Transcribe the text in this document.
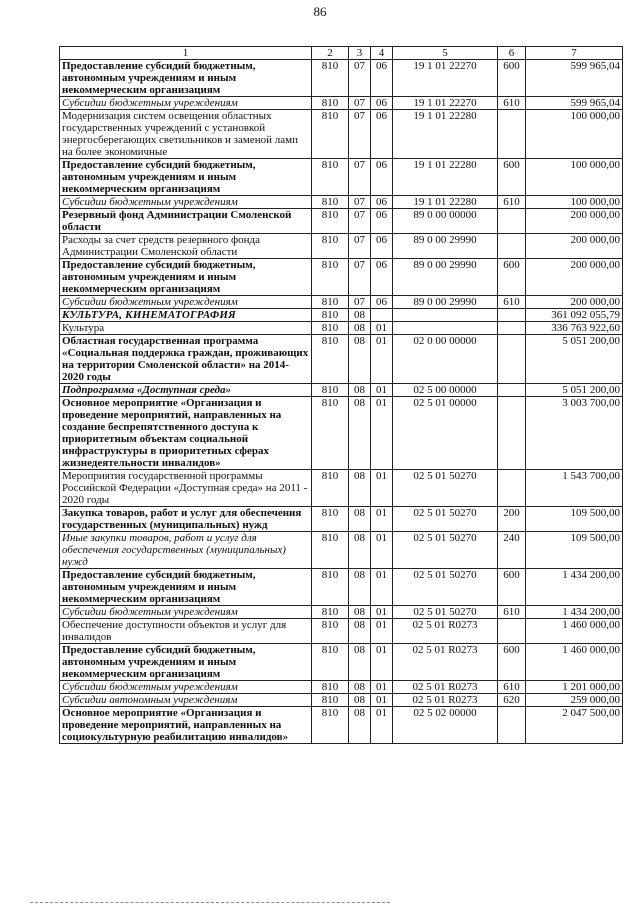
86
1	2	3	4	5	6	7
Предоставление субсидий бюджетным, автономным учреждениям и иным некоммерческим организациям	810	07	06	19 1 01 22270	600	599 965,04
Субсидии бюджетным учреждениям	810	07	06	19 1 01 22270	610	599 965,04
Модернизация систем освещения областных государственных учреждений с установкой энергосберегающих светильников и заменой ламп на более экономичные	810	07	06	19 1 01 22280		100 000,00
Предоставление субсидий бюджетным, автономным учреждениям и иным некоммерческим организациям	810	07	06	19 1 01 22280	600	100 000,00
Субсидии бюджетным учреждениям	810	07	06	19 1 01 22280	610	100 000,00
Резервный фонд Администрации Смоленской области	810	07	06	89 0 00 00000		200 000,00
Расходы за счет средств резервного фонда Администрации Смоленской области	810	07	06	89 0 00 29990		200 000,00
Предоставление субсидий бюджетным, автономным учреждениям и иным некоммерческим организациям	810	07	06	89 0 00 29990	600	200 000,00
Субсидии бюджетным учреждениям	810	07	06	89 0 00 29990	610	200 000,00
КУЛЬТУРА, КИНЕМАТОГРАФИЯ	810	08				361 092 055,79
Культура	810	08	01			336 763 922,60
Областная государственная программа «Социальная поддержка граждан, проживающих на территории Смоленской области» на 2014-2020 годы	810	08	01	02 0 00 00000		5 051 200,00
Подпрограмма «Доступная среда»	810	08	01	02 5 00 00000		5 051 200,00
Основное мероприятие «Организация и проведение мероприятий, направленных на создание беспрепятственного доступа к приоритетным объектам социальной инфраструктуры в приоритетных сферах жизнедеятельности инвалидов»	810	08	01	02 5 01 00000		3 003 700,00
Мероприятия государственной программы Российской Федерации «Доступная среда» на 2011 - 2020 годы	810	08	01	02 5 01 50270		1 543 700,00
Закупка товаров, работ и услуг для обеспечения государственных (муниципальных) нужд	810	08	01	02 5 01 50270	200	109 500,00
Иные закупки товаров, работ и услуг для обеспечения государственных (муниципальных) нужд	810	08	01	02 5 01 50270	240	109 500,00
Предоставление субсидий бюджетным, автономным учреждениям и иным некоммерческим организациям	810	08	01	02 5 01 50270	600	1 434 200,00
Субсидии бюджетным учреждениям	810	08	01	02 5 01 50270	610	1 434 200,00
Обеспечение доступности объектов и услуг для инвалидов	810	08	01	02 5 01 R0273		1 460 000,00
Предоставление субсидий бюджетным, автономным учреждениям и иным некоммерческим организациям	810	08	01	02 5 01 R0273	600	1 460 000,00
Субсидии бюджетным учреждениям	810	08	01	02 5 01 R0273	610	1 201 000,00
Субсидии автономным учреждениям	810	08	01	02 5 01 R0273	620	259 000,00
Основное мероприятие «Организация и проведение мероприятий, направленных на социокультурную реабилитацию инвалидов»	810	08	01	02 5 02 00000		2 047 500,00
